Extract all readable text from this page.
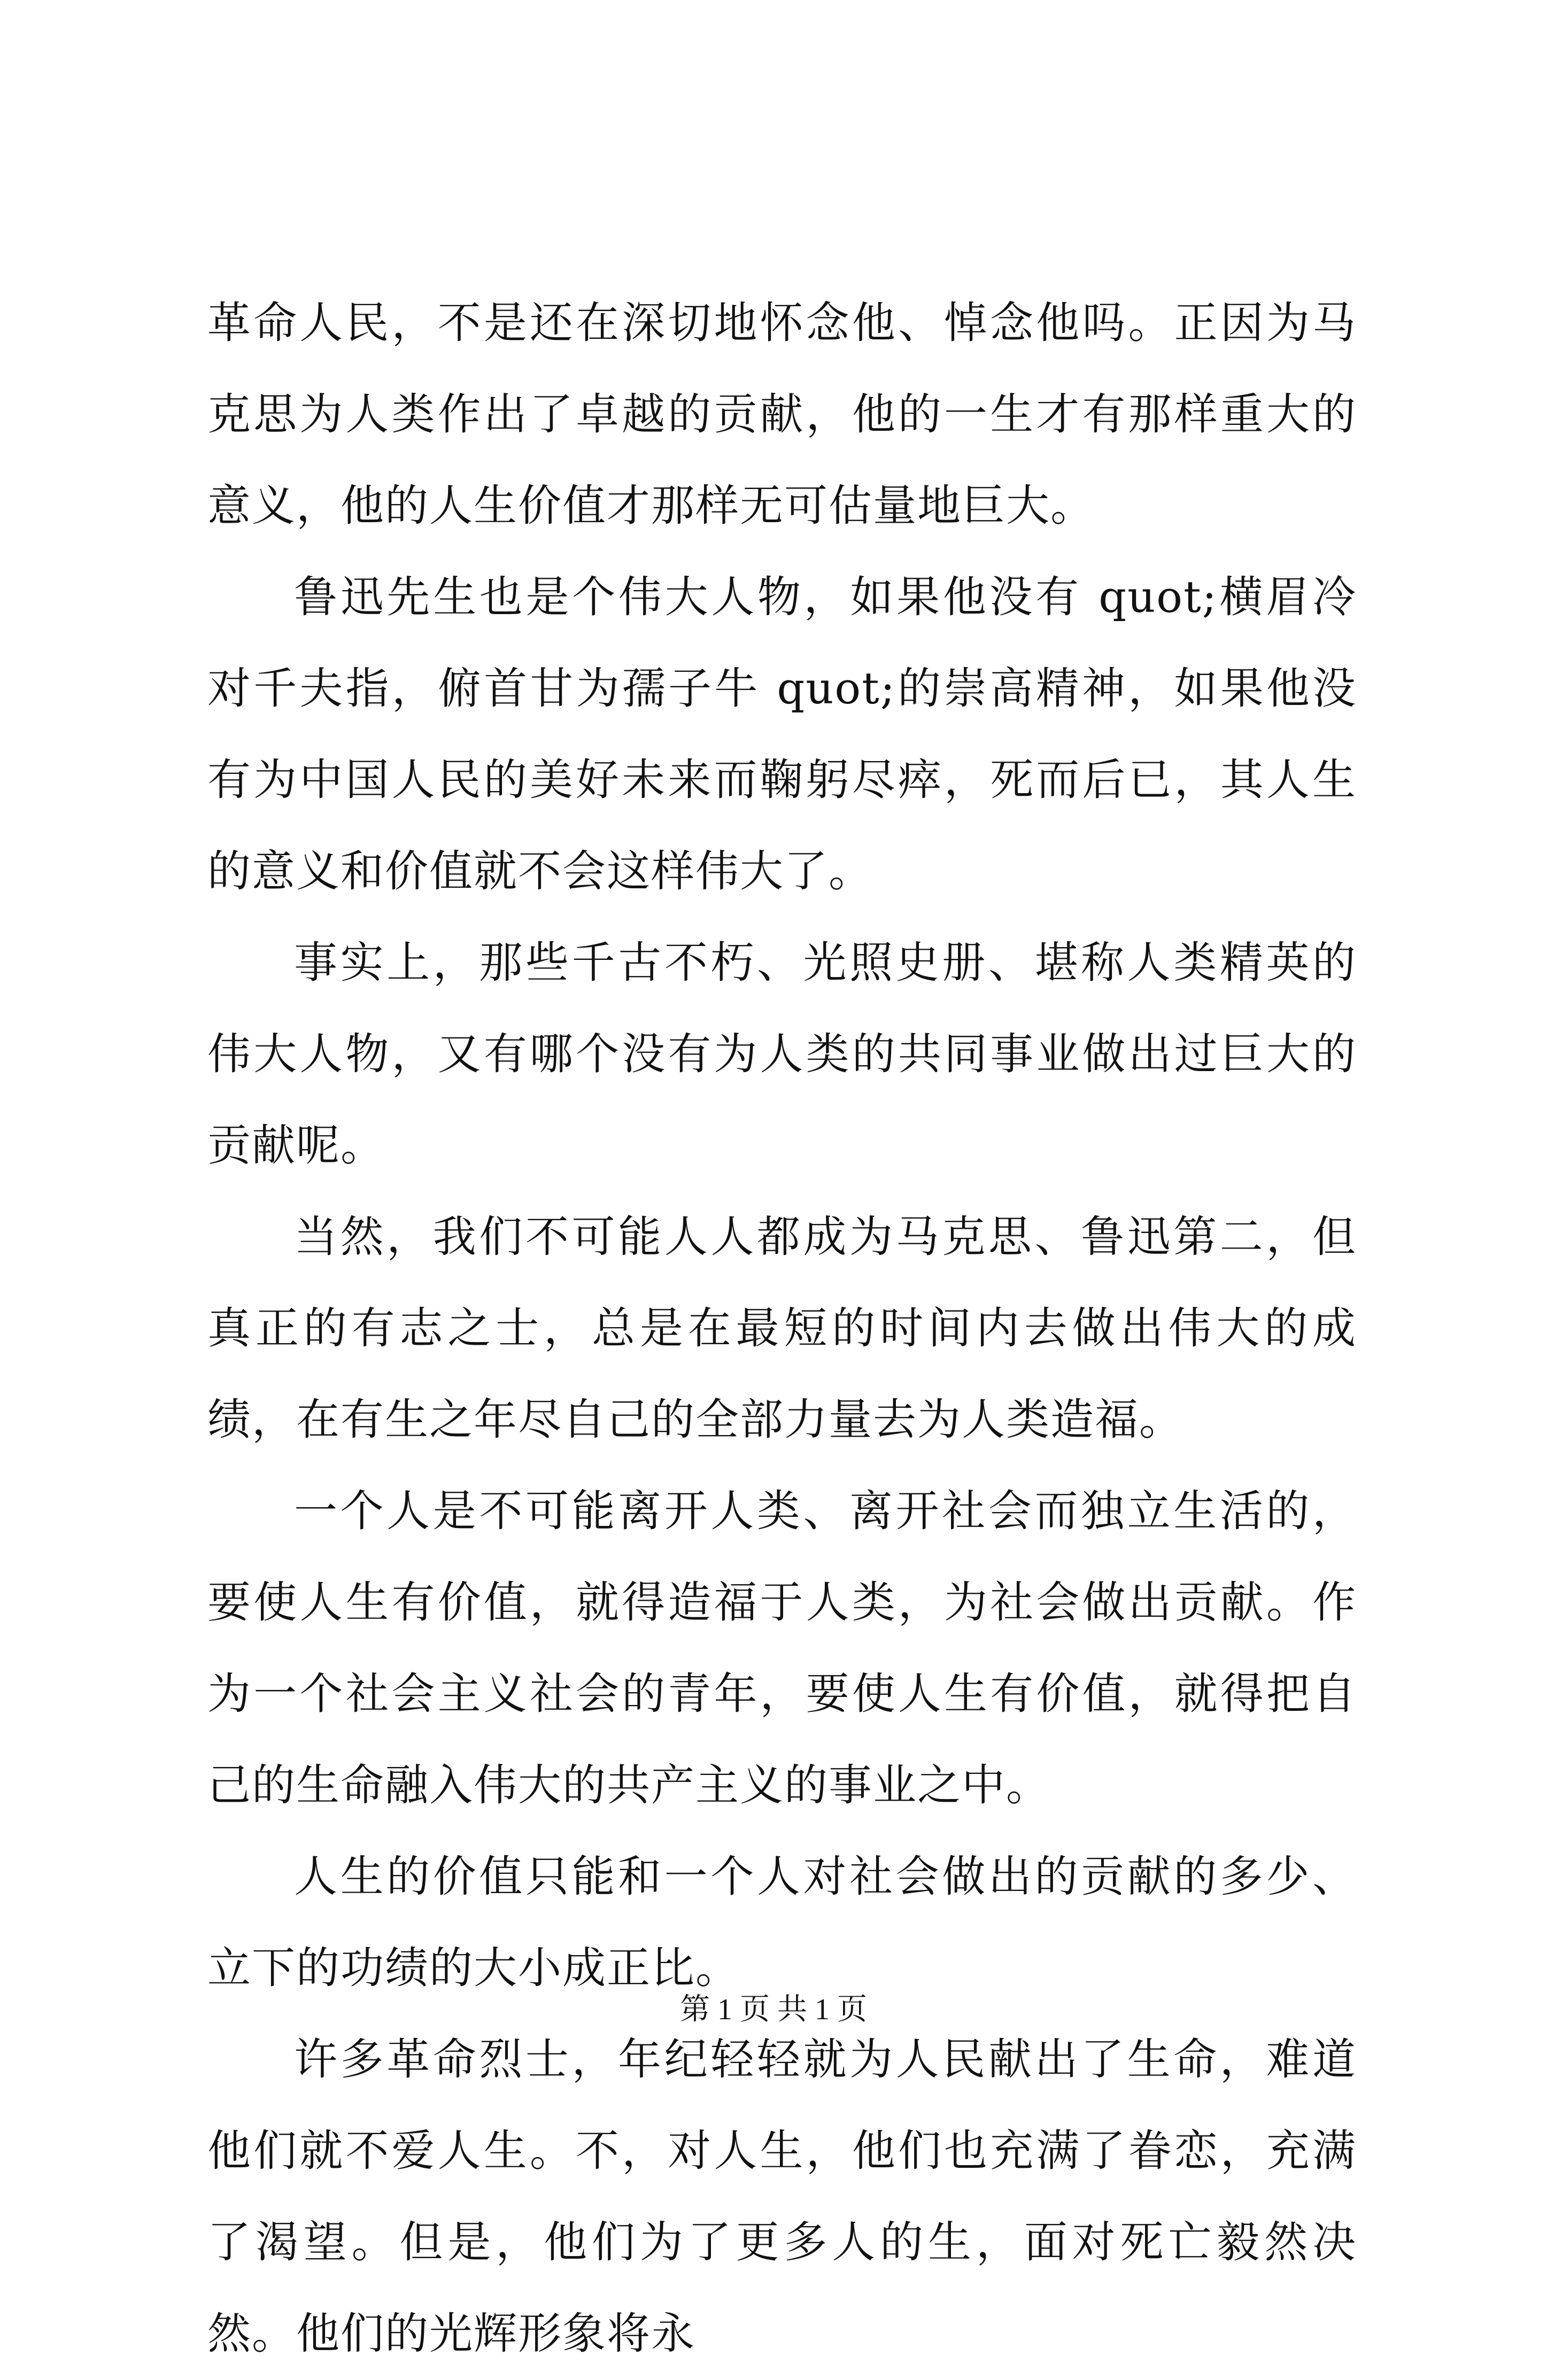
革命人民，不是还在深切地怀念他、悼念他吗。正因为马克思为人类作出了卓越的贡献，他的一生才有那样重大的意义，他的人生价值才那样无可估量地巨大。

鲁迅先生也是个伟大人物，如果他没有 quot;横眉冷对千夫指，俯首甘为孺子牛 quot;的崇高精神，如果他没有为中国人民的美好未来而鞠躬尽瘁，死而后已，其人生的意义和价值就不会这样伟大了。

事实上，那些千古不朽、光照史册、堪称人类精英的伟大人物，又有哪个没有为人类的共同事业做出过巨大的贡献呢。

当然，我们不可能人人都成为马克思、鲁迅第二，但真正的有志之士，总是在最短的时间内去做出伟大的成绩，在有生之年尽自己的全部力量去为人类造福。

一个人是不可能离开人类、离开社会而独立生活的，要使人生有价值，就得造福于人类，为社会做出贡献。作为一个社会主义社会的青年，要使人生有价值，就得把自己的生命融入伟大的共产主义的事业之中。

人生的价值只能和一个人对社会做出的贡献的多少、立下的功绩的大小成正比。

许多革命烈士，年纪轻轻就为人民献出了生命，难道他们就不爱人生。不，对人生，他们也充满了眷恋，充满了渴望。但是，他们为了更多人的生，面对死亡毅然决然。他们的光辉形象将永

第 1 页 共 1 页
